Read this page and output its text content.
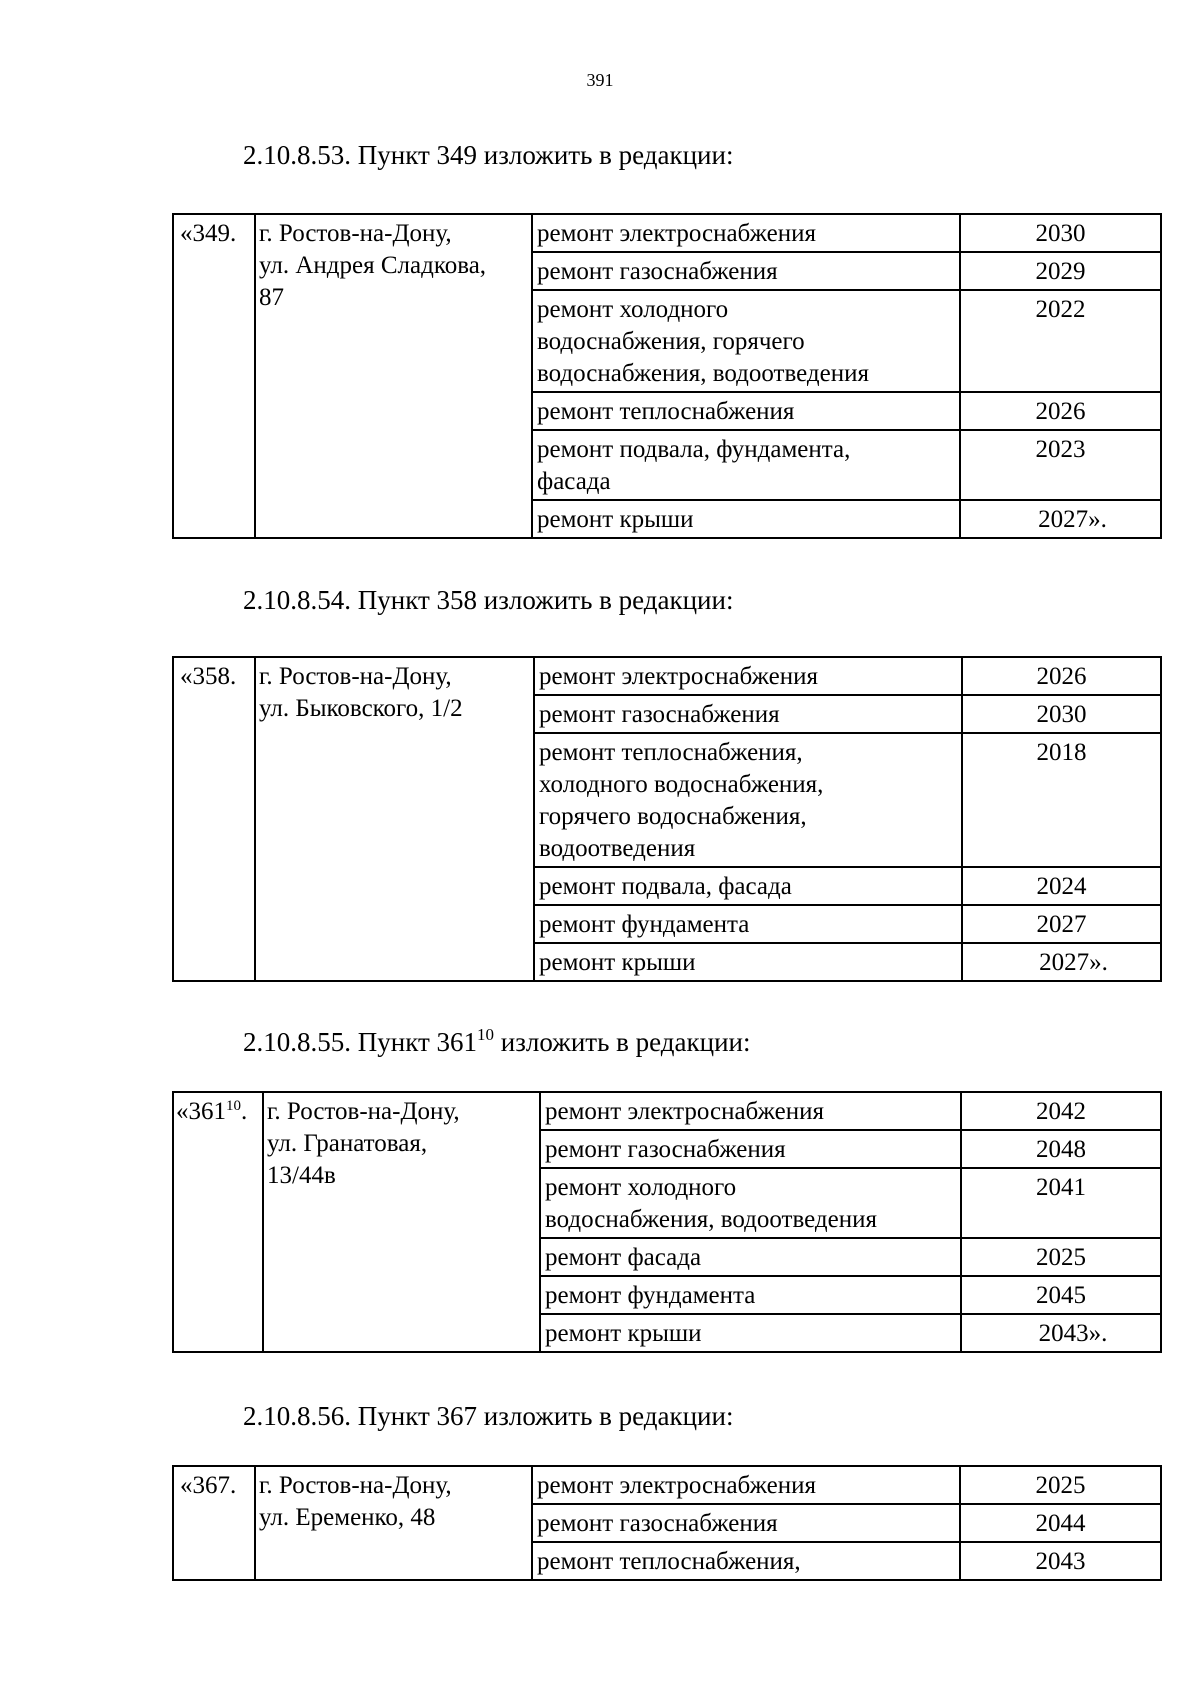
391
2.10.8.53. Пункт 349 изложить в редакции:
«349.	г. Ростов-на-Дону,
ул. Андрея Сладкова,
87	ремонт электроснабжения	2030

		ремонт газоснабжения	2029

		ремонт холодного
водоснабжения, горячего
водоснабжения, водоотведения	2022

		ремонт теплоснабжения	2026

		ремонт подвала, фундамента,
фасада	2023

		ремонт крыши	2027».
2.10.8.54. Пункт 358 изложить в редакции:
«358.	г. Ростов-на-Дону,
ул. Быковского, 1/2	ремонт электроснабжения	2026

		ремонт газоснабжения	2030

		ремонт теплоснабжения,
холодного водоснабжения,
горячего водоснабжения,
водоотведения	2018

		ремонт подвала, фасада	2024

		ремонт фундамента	2027

		ремонт крыши	2027».
2.10.8.55. Пункт $361^{10}$ изложить в редакции:
«$361^{10}$.	г. Ростов-на-Дону,
ул. Гранатовая,
13/44в	ремонт электроснабжения	2042

		ремонт газоснабжения	2048

		ремонт холодного
водоснабжения, водоотведения	2041

		ремонт фасада	2025

		ремонт фундамента	2045

		ремонт крыши	2043».
2.10.8.56. Пункт 367 изложить в редакции:
«367.	г. Ростов-на-Дону,
ул. Еременко, 48	ремонт электроснабжения	2025

		ремонт газоснабжения	2044

		ремонт теплоснабжения,	2043
